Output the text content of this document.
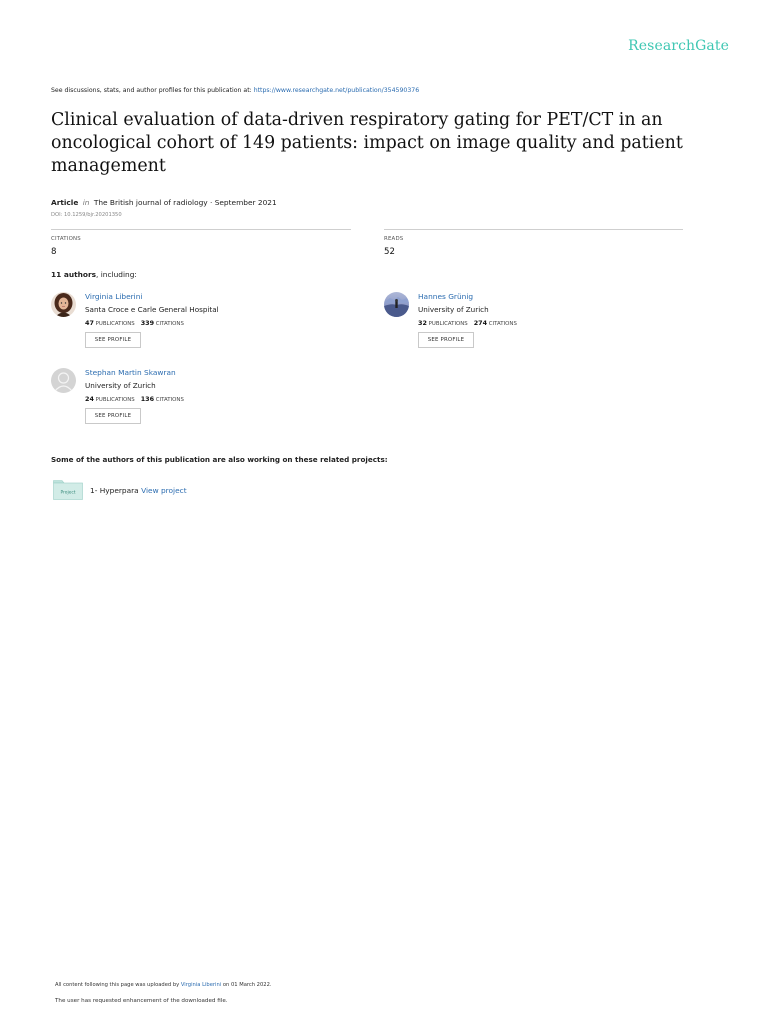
ResearchGate
See discussions, stats, and author profiles for this publication at: https://www.researchgate.net/publication/354590376
Clinical evaluation of data-driven respiratory gating for PET/CT in an oncological cohort of 149 patients: impact on image quality and patient management
Article in The British journal of radiology · September 2021
DOI: 10.1259/bjr.20201350
CITATIONS
8
READS
52
11 authors, including:
Virginia Liberini
Santa Croce e Carle General Hospital
47 PUBLICATIONS 339 CITATIONS
SEE PROFILE
Hannes Grünig
University of Zurich
32 PUBLICATIONS 274 CITATIONS
SEE PROFILE
Stephan Martin Skawran
University of Zurich
24 PUBLICATIONS 136 CITATIONS
SEE PROFILE
Some of the authors of this publication are also working on these related projects:
Project 1- Hyperpara View project
All content following this page was uploaded by Virginia Liberini on 01 March 2022.
The user has requested enhancement of the downloaded file.
